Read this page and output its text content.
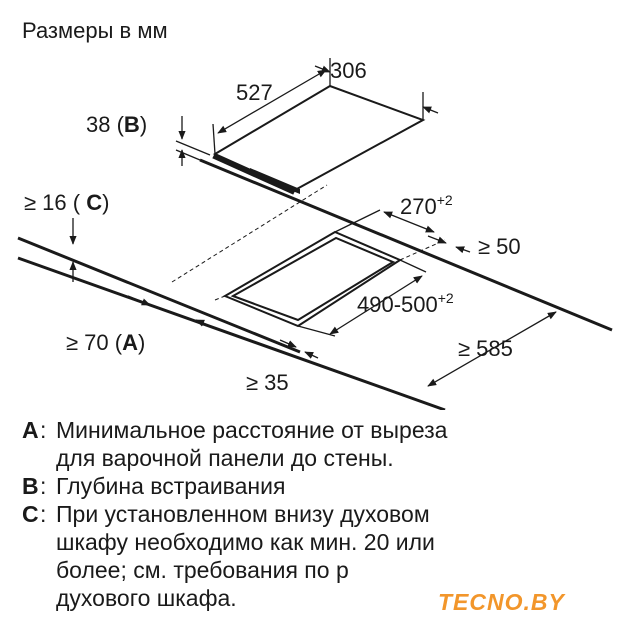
Размеры в мм
306
527
38 (B)
≥ 16 ( C)	$270^{+2}$
≥ 50
$490-500^{+2}$
≥ 70 (A)
≥ 35
≥ 585
A : Минимальное расстояние от выреза
для варочной панели до стены.
B : Глубина встраивания
C : При установленном внизу духовом
шкафу необходимо как мин. 20 или
более; см. требования по р
духового шкафа.	TECNO.BY
